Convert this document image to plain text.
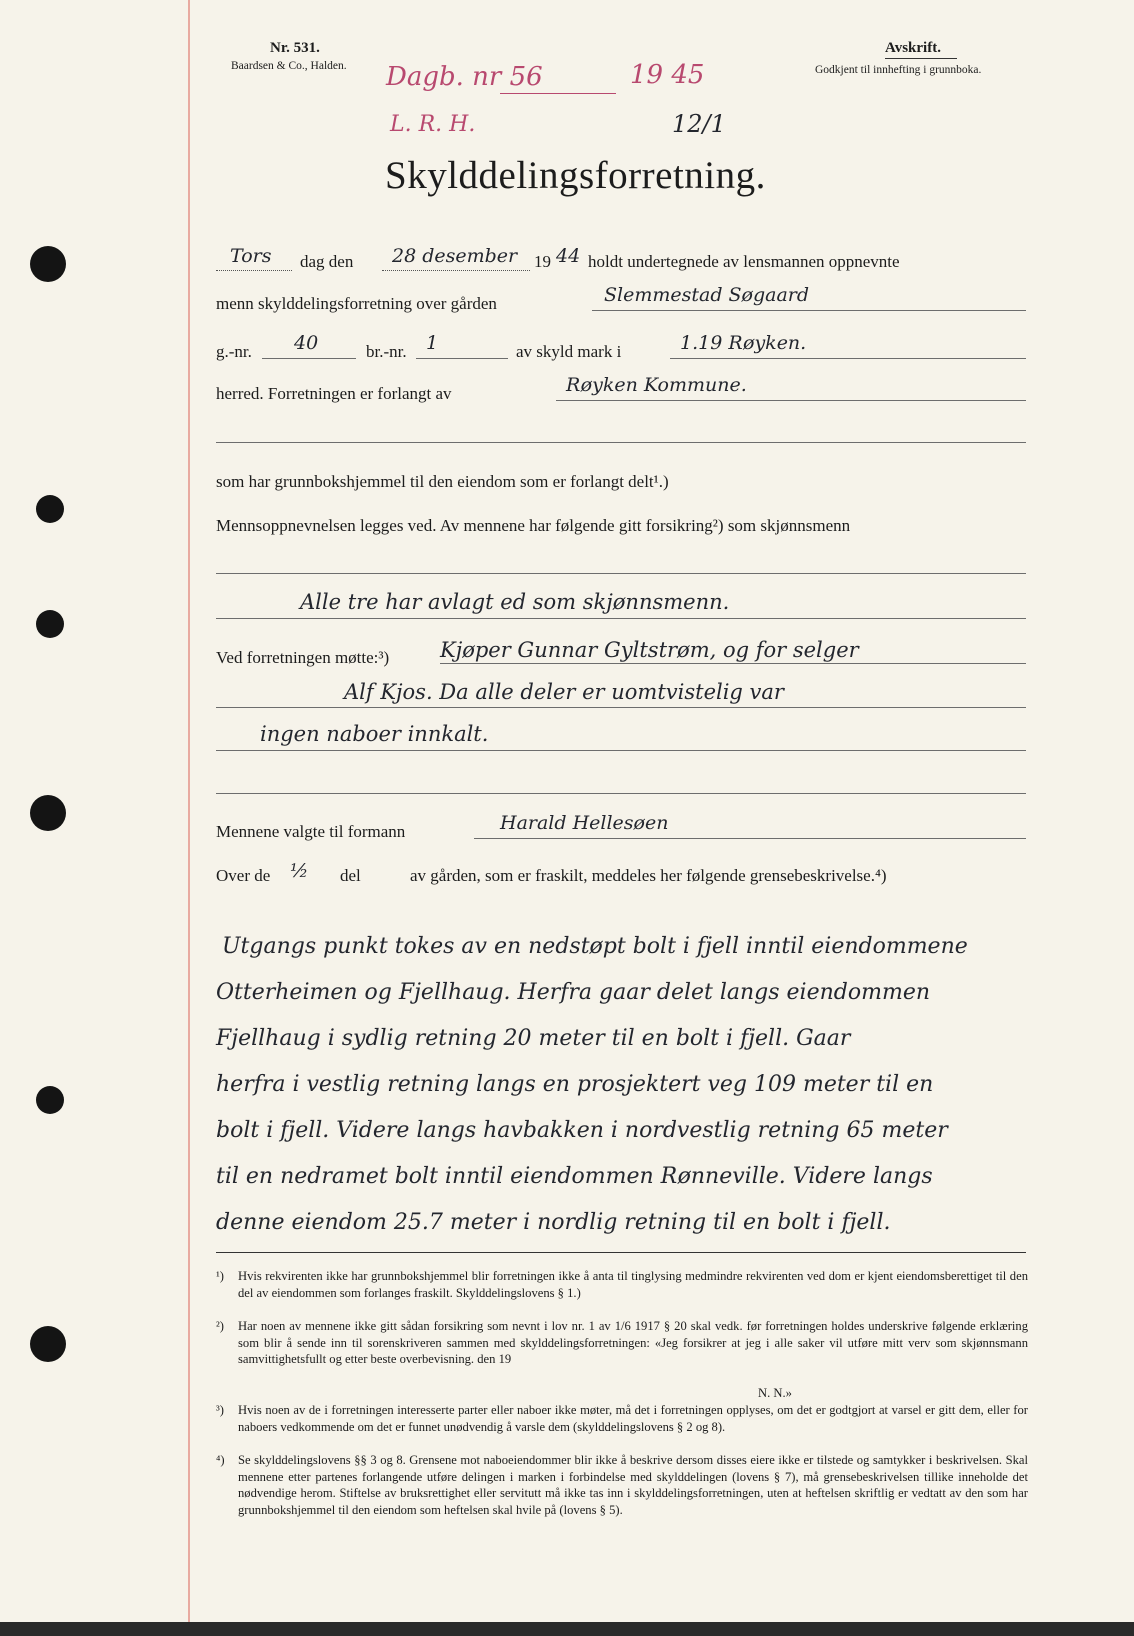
Nr. 531.
Baardsen & Co., Halden.
Avskrift.
Godkjent til innhefting i grunnboka.
Dagb. nr 56	19 45
L. R. H.	12/1
Skylddelingsforretning.
Tors dag den 28 desember 19 44 holdt undertegnede av lensmannen oppnevnte
menn skylddelingsforretning over gården	Slemmestad Søgaard
g.-nr. 40	br.-nr. 1	av skyld mark i	1.19 Røyken.
herred. Forretningen er forlangt av	Røyken Kommune.
som har grunnbokshjemmel til den eiendom som er forlangt delt¹.)
Mennsoppnevnelsen legges ved. Av mennene har følgende gitt forsikring²) som skjønnsmenn
Alle tre har avlagt ed som skjønnsmenn.
Ved forretningen møtte:³) Kjøper Gunnar Gyltstrøm, og for selger
Alf Kjos. Da alle deler er uomtvistelig var
ingen naboer innkalt.
Mennene valgte til formann	Harald Hellesøen
Over de ½ del	av gården, som er fraskilt, meddeles her følgende grensebeskrivelse.⁴)
Utgangs punkt tokes av en nedstøpt bolt i fjell inntil eiendommene
Otterheimen og Fjellhaug. Herfra gaar delet langs eiendommen
Fjellhaug i sydlig retning 20 meter til en bolt i fjell. Gaar
herfra i vestlig retning langs en prosjektert veg 109 meter til en
bolt i fjell. Videre langs havbakken i nordvestlig retning 65 meter
til en nedramet bolt inntil eiendommen Rønneville. Videre langs
denne eiendom 25.7 meter i nordlig retning til en bolt i fjell.
¹) Hvis rekvirenten ikke har grunnbokshjemmel blir forretningen ikke å anta til tinglysing medmindre rekvirenten ved dom er kjent eiendomsberettiget til den del av eiendommen som forlanges fraskilt. Skylddelingslovens § 1.)
²) Har noen av mennene ikke gitt sådan forsikring som nevnt i lov nr. 1 av 1/6 1917 § 20 skal vedk. før forretningen holdes underskrive følgende erklæring som blir å sende inn til sorenskriveren sammen med skylddelingsforretningen: «Jeg forsikrer at jeg i alle saker vil utføre mitt verv som skjønnsmann samvittighetsfullt og etter beste overbevisning. den 19
N. N.»
³) Hvis noen av de i forretningen interesserte parter eller naboer ikke møter, må det i forretningen opplyses, om det er godtgjort at varsel er gitt dem, eller for naboers vedkommende om det er funnet unødvendig å varsle dem (skylddelingslovens § 2 og 8).
⁴) Se skylddelingslovens §§ 3 og 8. Grensene mot naboeiendommer blir ikke å beskrive dersom disses eiere ikke er tilstede og samtykker i beskrivelsen. Skal mennene etter partenes forlangende utføre delingen i marken i forbindelse med skylddelingen (lovens § 7), må grensebeskrivelsen tillike inneholde det nødvendige herom. Stiftelse av bruksrettighet eller servitutt må ikke tas inn i skylddelingsforretningen, uten at heftelsen skriftlig er vedtatt av den som har grunnbokshjemmel til den eiendom som heftelsen skal hvile på (lovens § 5).
